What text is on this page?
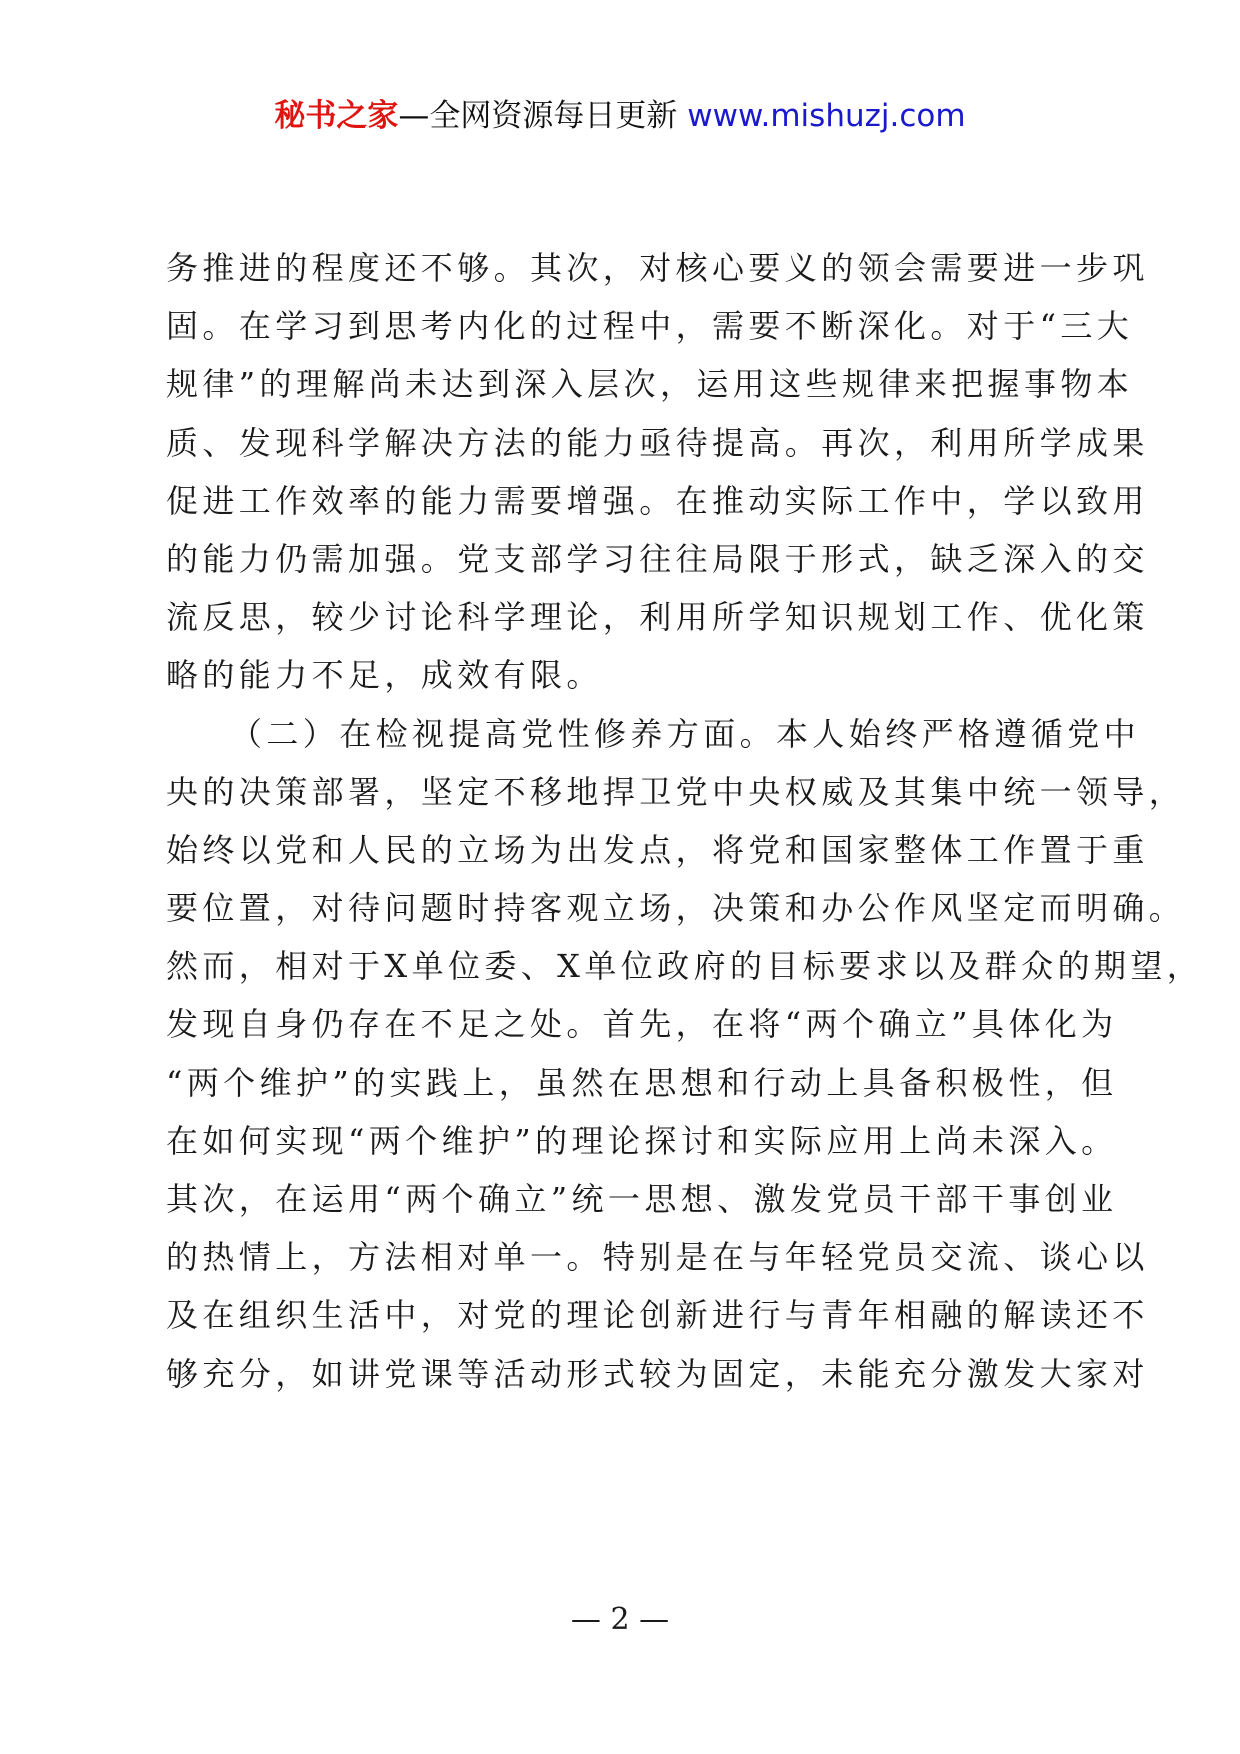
秘书之家—全网资源每日更新 www.mishuzj.com
务推进的程度还不够。其次，对核心要义的领会需要进一步巩
固。在学习到思考内化的过程中，需要不断深化。对于“三大
规律”的理解尚未达到深入层次，运用这些规律来把握事物本
质、发现科学解决方法的能力亟待提高。再次，利用所学成果
促进工作效率的能力需要增强。在推动实际工作中，学以致用
的能力仍需加强。党支部学习往往局限于形式，缺乏深入的交
流反思，较少讨论科学理论，利用所学知识规划工作、优化策
略的能力不足，成效有限。
（二）在检视提高党性修养方面。本人始终严格遵循党中
央的决策部署，坚定不移地捍卫党中央权威及其集中统一领导，
始终以党和人民的立场为出发点，将党和国家整体工作置于重
要位置，对待问题时持客观立场，决策和办公作风坚定而明确。
然而，相对于X单位委、X单位政府的目标要求以及群众的期望，
发现自身仍存在不足之处。首先，在将“两个确立”具体化为
“两个维护”的实践上，虽然在思想和行动上具备积极性，但
在如何实现“两个维护”的理论探讨和实际应用上尚未深入。
其次，在运用“两个确立”统一思想、激发党员干部干事创业
的热情上，方法相对单一。特别是在与年轻党员交流、谈心以
及在组织生活中，对党的理论创新进行与青年相融的解读还不
够充分，如讲党课等活动形式较为固定，未能充分激发大家对
— 2 —
